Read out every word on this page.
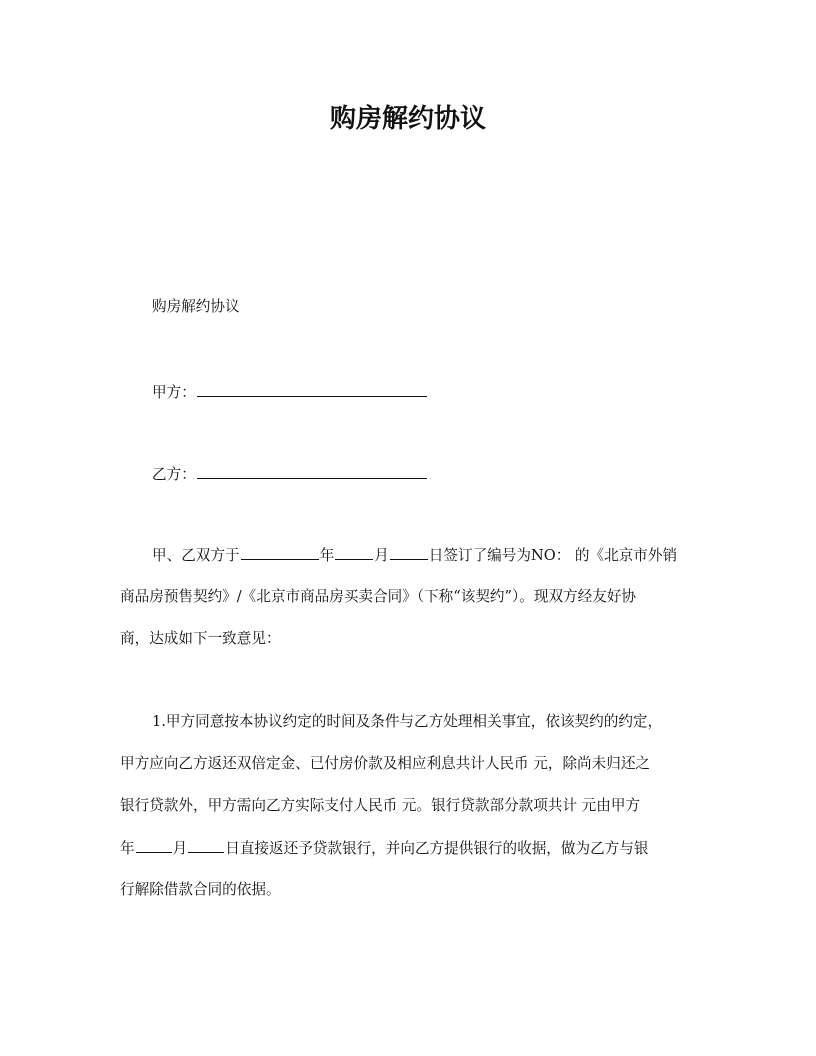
购房解约协议
购房解约协议
甲方：
乙方：
甲、乙双方于	年	月	日签订了编号为NO： 的《北京市外销
商品房预售契约》/《北京市商品房买卖合同》（下称“该契约”）。现双方经友好协
商，达成如下一致意见：
1.甲方同意按本协议约定的时间及条件与乙方处理相关事宜，依该契约的约定，
甲方应向乙方返还双倍定金、已付房价款及相应利息共计人民币 元，除尚未归还之
银行贷款外，甲方需向乙方实际支付人民币 元。银行贷款部分款项共计 元由甲方
年	月	日直接返还予贷款银行，并向乙方提供银行的收据，做为乙方与银
行解除借款合同的依据。
